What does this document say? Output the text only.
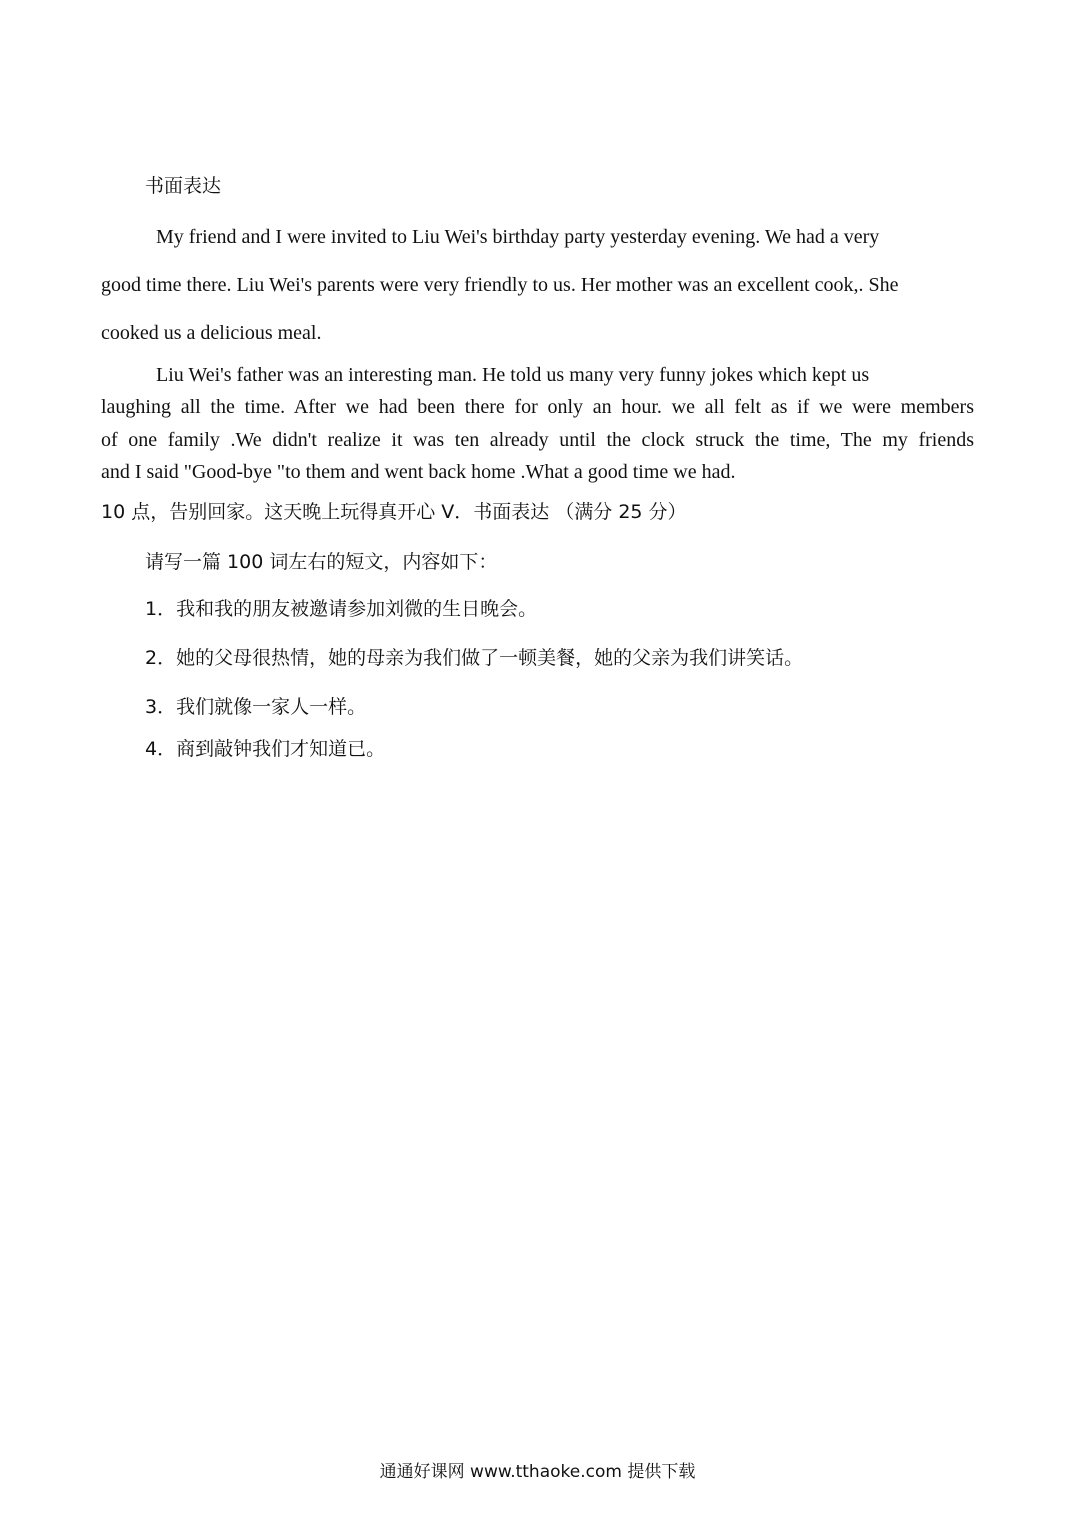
书面表达
My friend and I were invited to Liu Wei's birthday party yesterday evening. We had a very
good time there. Liu Wei's parents were very friendly to us. Her mother was an excellent cook,. She
cooked us a delicious meal.
Liu Wei's father was an interesting man. He told us many very funny jokes which kept us
laughing all the time. After we had been there for only an hour. we all felt as if we were members
of one family .We didn't realize it was ten already until the clock struck the time, The my friends
and I said "Good-bye "to them and went back home .What a good time we had.
10 点，告别回家。这天晚上玩得真开心 V．书面表达 （满分 25 分）
请写一篇 100 词左右的短文，内容如下：
1．我和我的朋友被邀请参加刘微的生日晚会。
2．她的父母很热情，她的母亲为我们做了一顿美餐，她的父亲为我们讲笑话。
3．我们就像一家人一样。
4．商到敲钟我们才知道已。
通通好课网 www.tthaoke.com 提供下载
